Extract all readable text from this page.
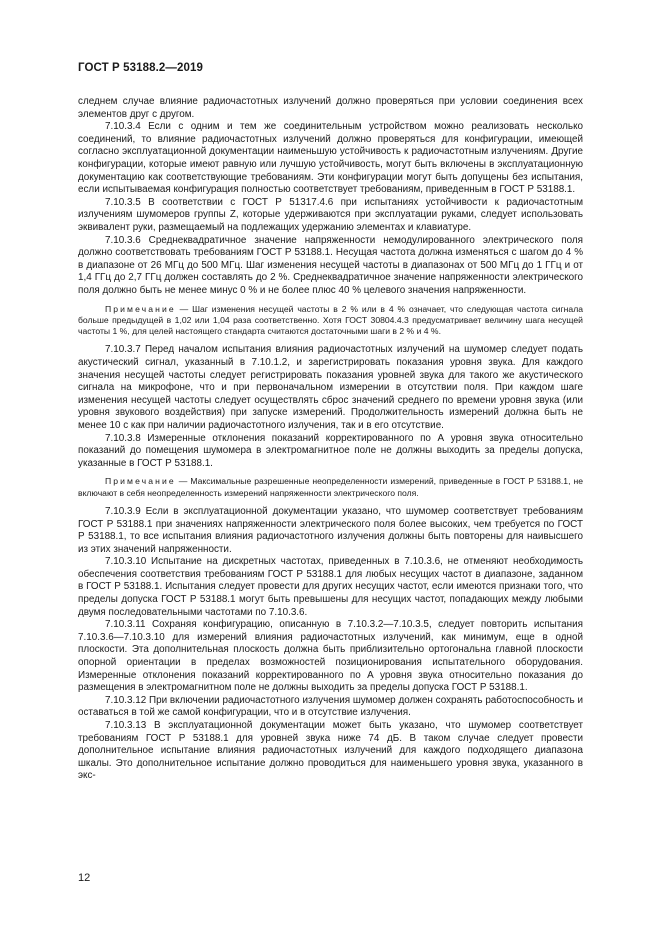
ГОСТ Р 53188.2—2019

следнем случае влияние радиочастотных излучений должно проверяться при условии соединения всех элементов друг с другом.

7.10.3.4 Если с одним и тем же соединительным устройством можно реализовать несколько соединений, то влияние радиочастотных излучений должно проверяться для конфигурации, имеющей согласно эксплуатационной документации наименьшую устойчивость к радиочастотным излучениям. Другие конфигурации, которые имеют равную или лучшую устойчивость, могут быть включены в эксплуатационную документацию как соответствующие требованиям. Эти конфигурации могут быть допущены без испытания, если испытываемая конфигурация полностью соответствует требованиям, приведенным в ГОСТ Р 53188.1.

7.10.3.5 В соответствии с ГОСТ Р 51317.4.6 при испытаниях устойчивости к радиочастотным излучениям шумомеров группы Z, которые удерживаются при эксплуатации руками, следует использовать эквивалент руки, размещаемый на подлежащих удержанию элементах и клавиатуре.

7.10.3.6 Среднеквадратичное значение напряженности немодулированного электрического поля должно соответствовать требованиям ГОСТ Р 53188.1. Несущая частота должна изменяться с шагом до 4 % в диапазоне от 26 МГц до 500 МГц. Шаг изменения несущей частоты в диапазонах от 500 МГц до 1 ГГц и от 1,4 ГГц до 2,7 ГГц должен составлять до 2 %. Среднеквадратичное значение напряженности электрического поля должно быть не менее минус 0 % и не более плюс 40 % целевого значения напряженности.

Примечание — Шаг изменения несущей частоты в 2 % или в 4 % означает, что следующая частота сигнала больше предыдущей в 1,02 или 1,04 раза соответственно. Хотя ГОСТ 30804.4.3 предусматривает величину шага несущей частоты 1 %, для целей настоящего стандарта считаются достаточными шаги в 2 % и 4 %.

7.10.3.7 Перед началом испытания влияния радиочастотных излучений на шумомер следует подать акустический сигнал, указанный в 7.10.1.2, и зарегистрировать показания уровня звука. Для каждого значения несущей частоты следует регистрировать показания уровней звука для такого же акустического сигнала на микрофоне, что и при первоначальном измерении в отсутствии поля. При каждом шаге изменения несущей частоты следует осуществлять сброс значений среднего по времени уровня звука (или уровня звукового воздействия) при запуске измерений. Продолжительность измерений должна быть не менее 10 с как при наличии радиочастотного излучения, так и в его отсутствие.

7.10.3.8 Измеренные отклонения показаний корректированного по А уровня звука относительно показаний до помещения шумомера в электромагнитное поле не должны выходить за пределы допуска, указанные в ГОСТ Р 53188.1.

Примечание — Максимальные разрешенные неопределенности измерений, приведенные в ГОСТ Р 53188.1, не включают в себя неопределенность измерений напряженности электрического поля.

7.10.3.9 Если в эксплуатационной документации указано, что шумомер соответствует требованиям ГОСТ Р 53188.1 при значениях напряженности электрического поля более высоких, чем требуется по ГОСТ Р 53188.1, то все испытания влияния радиочастотного излучения должны быть повторены для наивысшего из этих значений напряженности.

7.10.3.10 Испытание на дискретных частотах, приведенных в 7.10.3.6, не отменяют необходимость обеспечения соответствия требованиям ГОСТ Р 53188.1 для любых несущих частот в диапазоне, заданном в ГОСТ Р 53188.1. Испытания следует провести для других несущих частот, если имеются признаки того, что пределы допуска ГОСТ Р 53188.1 могут быть превышены для несущих частот, попадающих между любыми двумя последовательными частотами по 7.10.3.6.

7.10.3.11 Сохраняя конфигурацию, описанную в 7.10.3.2—7.10.3.5, следует повторить испытания 7.10.3.6—7.10.3.10 для измерений влияния радиочастотных излучений, как минимум, еще в одной плоскости. Эта дополнительная плоскость должна быть приблизительно ортогональна главной плоскости опорной ориентации в пределах возможностей позиционирования испытательного оборудования. Измеренные отклонения показаний корректированного по А уровня звука относительно показания до размещения в электромагнитном поле не должны выходить за пределы допуска ГОСТ Р 53188.1.

7.10.3.12 При включении радиочастотного излучения шумомер должен сохранять работоспособность и оставаться в той же самой конфигурации, что и в отсутствие излучения.

7.10.3.13 В эксплуатационной документации может быть указано, что шумомер соответствует требованиям ГОСТ Р 53188.1 для уровней звука ниже 74 дБ. В таком случае следует провести дополнительное испытание влияния радиочастотных излучений для каждого подходящего диапазона шкалы. Это дополнительное испытание должно проводиться для наименьшего уровня звука, указанного в экс-

12
